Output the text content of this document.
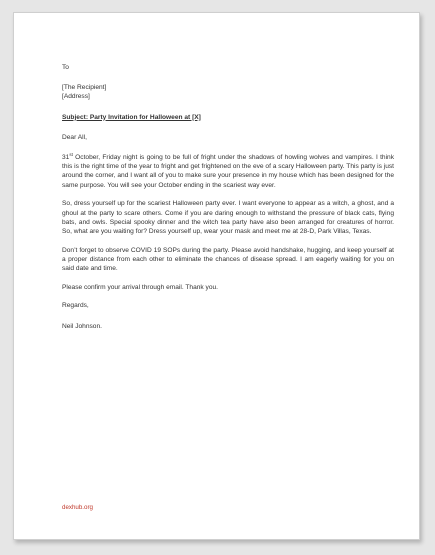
To
[The Recipient]
[Address]
Subject: Party Invitation for Halloween at [X]
Dear All,

31st October, Friday night is going to be full of fright under the shadows of howling wolves and vampires. I think this is the right time of the year to fright and get frightened on the eve of a scary Halloween party. This party is just around the corner, and I want all of you to make sure your presence in my house which has been designed for the same purpose. You will see your October ending in the scariest way ever.

So, dress yourself up for the scariest Halloween party ever. I want everyone to appear as a witch, a ghost, and a ghoul at the party to scare others. Come if you are daring enough to withstand the pressure of black cats, flying bats, and owls. Special spooky dinner and the witch tea party have also been arranged for creatures of horror. So, what are you waiting for? Dress yourself up, wear your mask and meet me at 28-D, Park Villas, Texas.

Don’t forget to observe COVID 19 SOPs during the party. Please avoid handshake, hugging, and keep yourself at a proper distance from each other to eliminate the chances of disease spread. I am eagerly waiting for you on said date and time.

Please confirm your arrival through email. Thank you.

Regards,
Neil Johnson.
dexhub.org
